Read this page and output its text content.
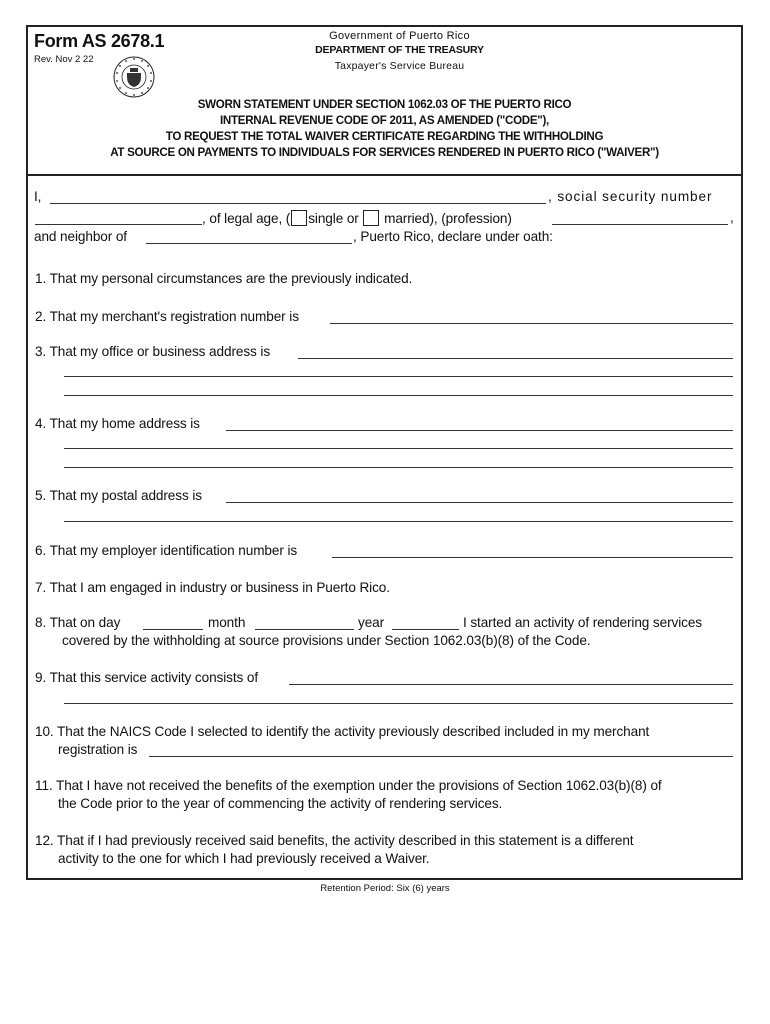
Form AS 2678.1
Rev. Nov 2 22
Government of Puerto Rico
DEPARTMENT OF THE TREASURY
Taxpayer's Service Bureau
SWORN STATEMENT UNDER SECTION 1062.03 OF THE PUERTO RICO
INTERNAL REVENUE CODE OF 2011, AS AMENDED ("CODE"),
TO REQUEST THE TOTAL WAIVER CERTIFICATE REGARDING THE WITHHOLDING
AT SOURCE ON PAYMENTS TO INDIVIDUALS FOR SERVICES RENDERED IN PUERTO RICO ("WAIVER")
I,	, social security number
, of legal age, ( single or married), (profession)	,
and neighbor of	, Puerto Rico, declare under oath:
1. That my personal circumstances are the previously indicated.
2. That my merchant's registration number is
3. That my office or business address is
4. That my home address is
5. That my postal address is
6. That my employer identification number is
7. That I am engaged in industry or business in Puerto Rico.
8. That on day	month	year	I started an activity of rendering services
covered by the withholding at source provisions under Section 1062.03(b)(8) of the Code.
9. That this service activity consists of
10. That the NAICS Code I selected to identify the activity previously described included in my merchant
registration is
11. That I have not received the benefits of the exemption under the provisions of Section 1062.03(b)(8) of
the Code prior to the year of commencing the activity of rendering services.
12. That if I had previously received said benefits, the activity described in this statement is a different
activity to the one for which I had previously received a Waiver.
Retention Period: Six (6) years
